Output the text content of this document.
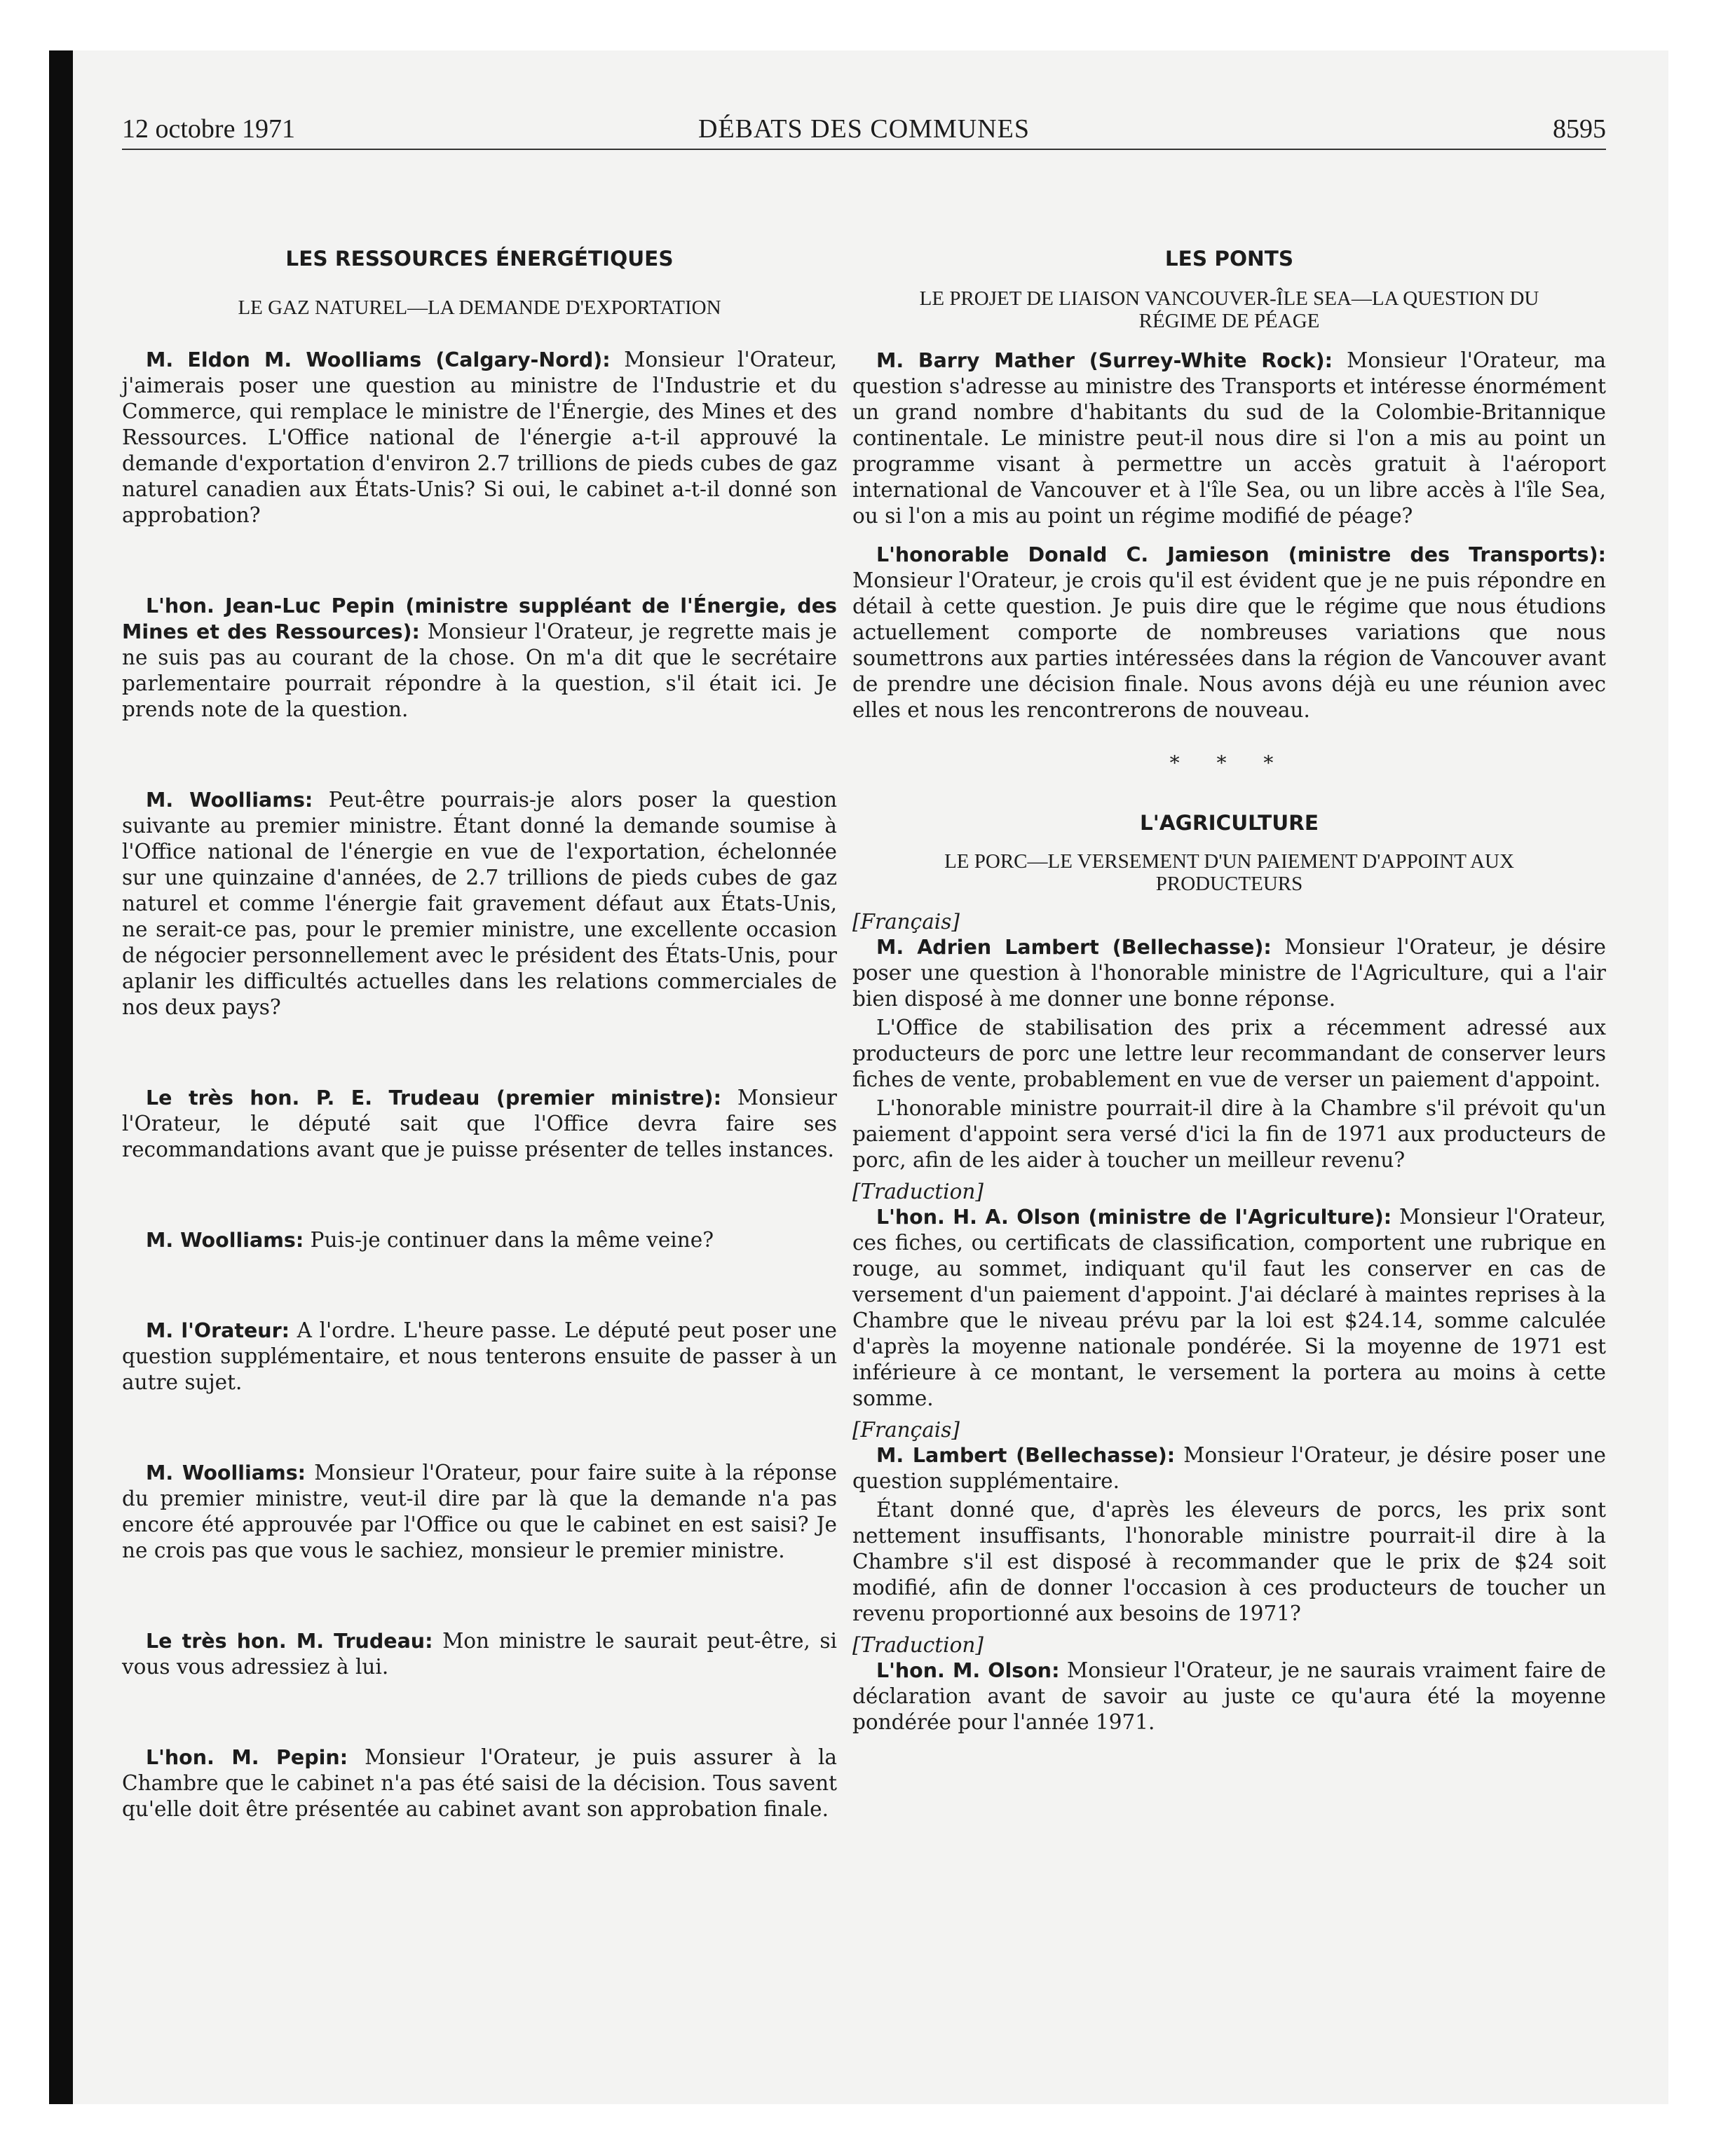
12 octobre 1971	DÉBATS DES COMMUNES	8595

LES RESSOURCES ÉNERGÉTIQUES

LE GAZ NATUREL—LA DEMANDE D'EXPORTATION

M. Eldon M. Woolliams (Calgary-Nord): Monsieur l'Orateur, j'aimerais poser une question au ministre de l'Industrie et du Commerce, qui remplace le ministre de l'Énergie, des Mines et des Ressources. L'Office national de l'énergie a-t-il approuvé la demande d'exportation d'environ 2.7 trillions de pieds cubes de gaz naturel canadien aux États-Unis? Si oui, le cabinet a-t-il donné son approbation?

L'hon. Jean-Luc Pepin (ministre suppléant de l'Énergie, des Mines et des Ressources): Monsieur l'Orateur, je regrette mais je ne suis pas au courant de la chose. On m'a dit que le secrétaire parlementaire pourrait répondre à la question, s'il était ici. Je prends note de la question.

M. Woolliams: Peut-être pourrais-je alors poser la question suivante au premier ministre. Étant donné la demande soumise à l'Office national de l'énergie en vue de l'exportation, échelonnée sur une quinzaine d'années, de 2.7 trillions de pieds cubes de gaz naturel et comme l'énergie fait gravement défaut aux États-Unis, ne serait-ce pas, pour le premier ministre, une excellente occasion de négocier personnellement avec le président des États-Unis, pour aplanir les difficultés actuelles dans les relations commerciales de nos deux pays?

Le très hon. P. E. Trudeau (premier ministre): Monsieur l'Orateur, le député sait que l'Office devra faire ses recommandations avant que je puisse présenter de telles instances.

M. Woolliams: Puis-je continuer dans la même veine?

M. l'Orateur: A l'ordre. L'heure passe. Le député peut poser une question supplémentaire, et nous tenterons ensuite de passer à un autre sujet.

M. Woolliams: Monsieur l'Orateur, pour faire suite à la réponse du premier ministre, veut-il dire par là que la demande n'a pas encore été approuvée par l'Office ou que le cabinet en est saisi? Je ne crois pas que vous le sachiez, monsieur le premier ministre.

Le très hon. M. Trudeau: Mon ministre le saurait peut-être, si vous vous adressiez à lui.

L'hon. M. Pepin: Monsieur l'Orateur, je puis assurer à la Chambre que le cabinet n'a pas été saisi de la décision. Tous savent qu'elle doit être présentée au cabinet avant son approbation finale.

LES PONTS

LE PROJET DE LIAISON VANCOUVER-ÎLE SEA—LA QUESTION DU RÉGIME DE PÉAGE

M. Barry Mather (Surrey-White Rock): Monsieur l'Orateur, ma question s'adresse au ministre des Transports et intéresse énormément un grand nombre d'habitants du sud de la Colombie-Britannique continentale. Le ministre peut-il nous dire si l'on a mis au point un programme visant à permettre un accès gratuit à l'aéroport international de Vancouver et à l'île Sea, ou un libre accès à l'île Sea, ou si l'on a mis au point un régime modifié de péage?

L'honorable Donald C. Jamieson (ministre des Transports): Monsieur l'Orateur, je crois qu'il est évident que je ne puis répondre en détail à cette question. Je puis dire que le régime que nous étudions actuellement comporte de nombreuses variations que nous soumettrons aux parties intéressées dans la région de Vancouver avant de prendre une décision finale. Nous avons déjà eu une réunion avec elles et nous les rencontrerons de nouveau.

* * *

L'AGRICULTURE

LE PORC—LE VERSEMENT D'UN PAIEMENT D'APPOINT AUX PRODUCTEURS

[Français]

M. Adrien Lambert (Bellechasse): Monsieur l'Orateur, je désire poser une question à l'honorable ministre de l'Agriculture, qui a l'air bien disposé à me donner une bonne réponse.

L'Office de stabilisation des prix a récemment adressé aux producteurs de porc une lettre leur recommandant de conserver leurs fiches de vente, probablement en vue de verser un paiement d'appoint.

L'honorable ministre pourrait-il dire à la Chambre s'il prévoit qu'un paiement d'appoint sera versé d'ici la fin de 1971 aux producteurs de porc, afin de les aider à toucher un meilleur revenu?

[Traduction]

L'hon. H. A. Olson (ministre de l'Agriculture): Monsieur l'Orateur, ces fiches, ou certificats de classification, comportent une rubrique en rouge, au sommet, indiquant qu'il faut les conserver en cas de versement d'un paiement d'appoint. J'ai déclaré à maintes reprises à la Chambre que le niveau prévu par la loi est $24.14, somme calculée d'après la moyenne nationale pondérée. Si la moyenne de 1971 est inférieure à ce montant, le versement la portera au moins à cette somme.

[Français]

M. Lambert (Bellechasse): Monsieur l'Orateur, je désire poser une question supplémentaire.

Étant donné que, d'après les éleveurs de porcs, les prix sont nettement insuffisants, l'honorable ministre pourrait-il dire à la Chambre s'il est disposé à recommander que le prix de $24 soit modifié, afin de donner l'occasion à ces producteurs de toucher un revenu proportionné aux besoins de 1971?

[Traduction]

L'hon. M. Olson: Monsieur l'Orateur, je ne saurais vraiment faire de déclaration avant de savoir au juste ce qu'aura été la moyenne pondérée pour l'année 1971.
